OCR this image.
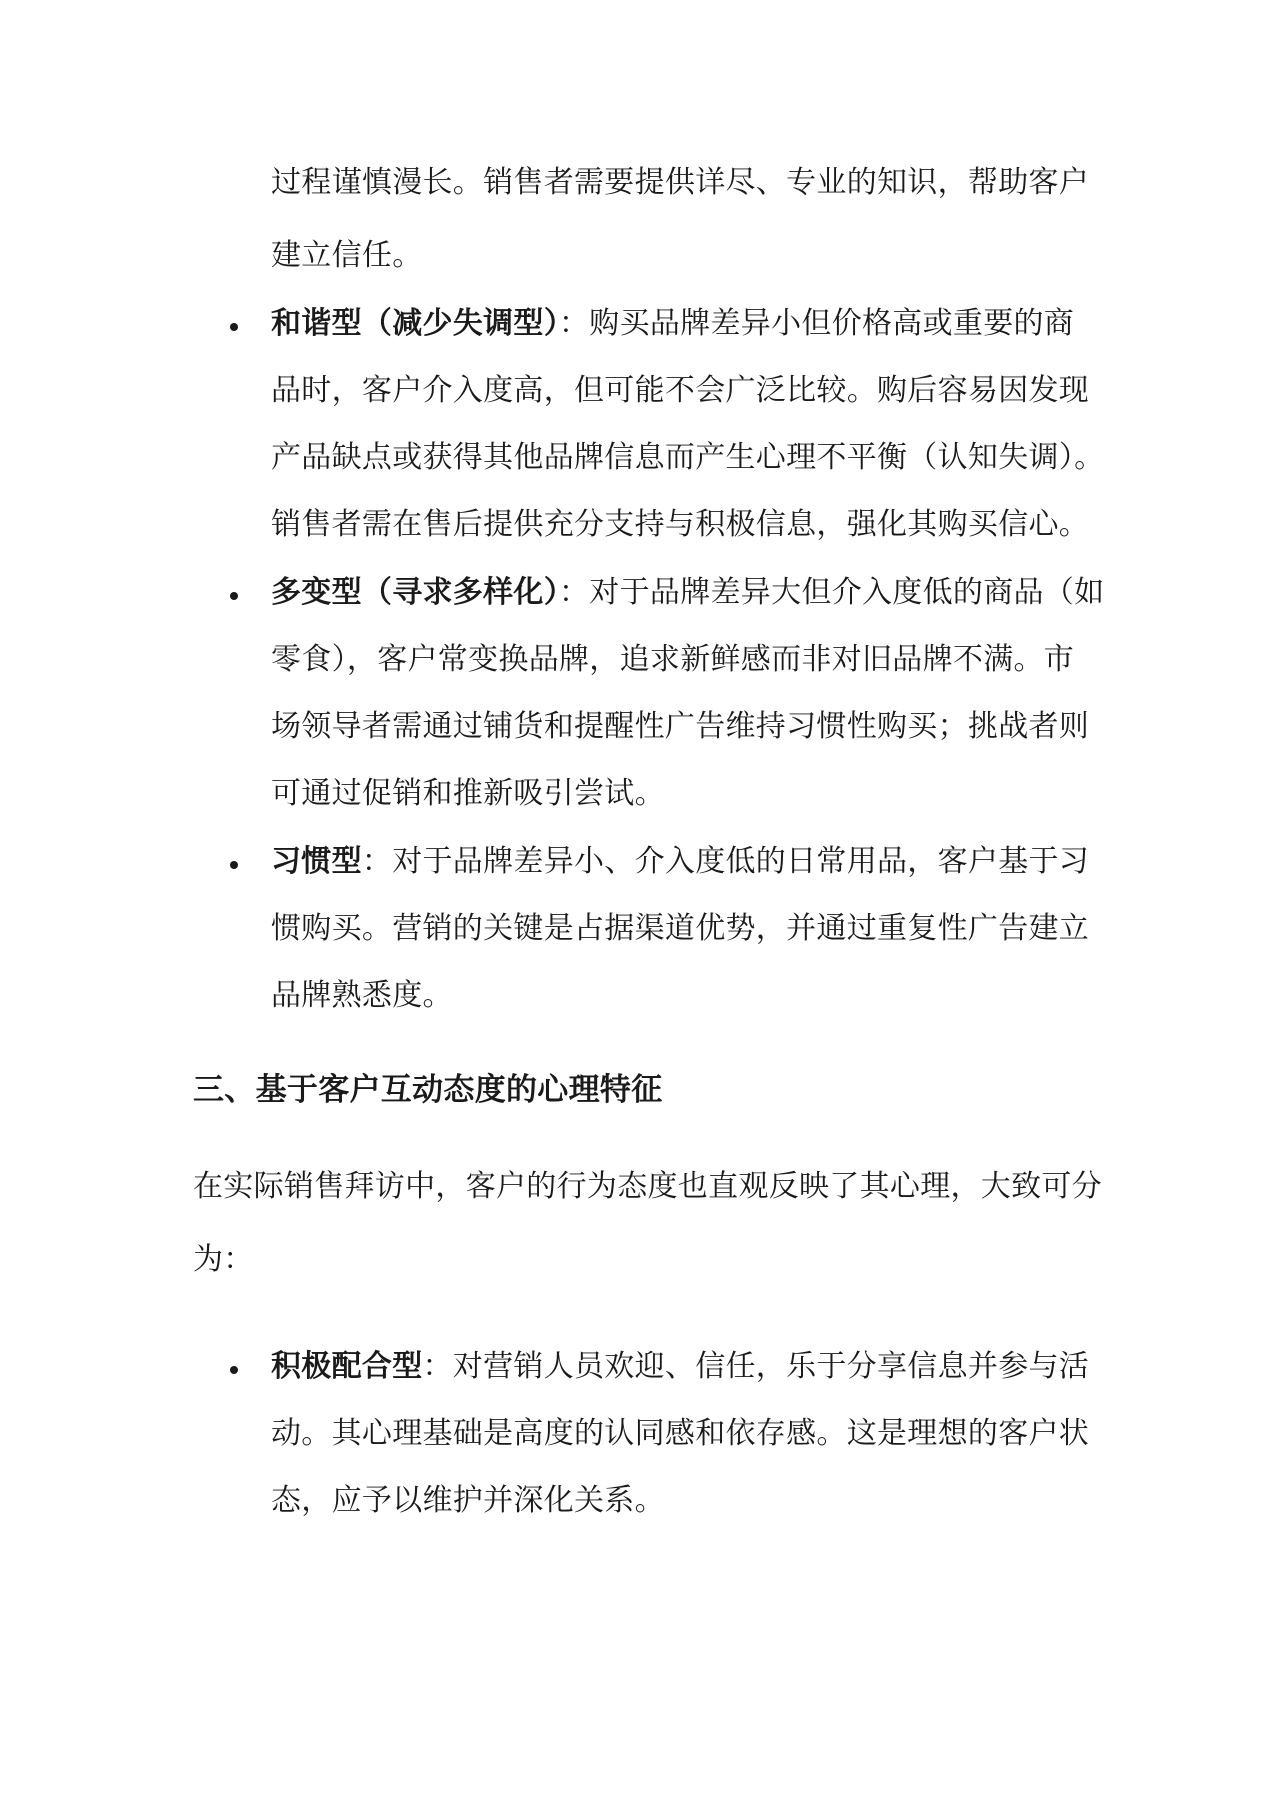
过程谨慎漫长。销售者需要提供详尽、专业的知识，帮助客户
建立信任。
和谐型（减少失调型）：购买品牌差异小但价格高或重要的商
品时，客户介入度高，但可能不会广泛比较。购后容易因发现
产品缺点或获得其他品牌信息而产生心理不平衡（认知失调）。
销售者需在售后提供充分支持与积极信息，强化其购买信心。
多变型（寻求多样化）：对于品牌差异大但介入度低的商品（如
零食），客户常变换品牌，追求新鲜感而非对旧品牌不满。市
场领导者需通过铺货和提醒性广告维持习惯性购买；挑战者则
可通过促销和推新吸引尝试。
习惯型：对于品牌差异小、介入度低的日常用品，客户基于习
惯购买。营销的关键是占据渠道优势，并通过重复性广告建立
品牌熟悉度。
三、基于客户互动态度的心理特征
在实际销售拜访中，客户的行为态度也直观反映了其心理，大致可分
为：
积极配合型：对营销人员欢迎、信任，乐于分享信息并参与活
动。其心理基础是高度的认同感和依存感。这是理想的客户状
态，应予以维护并深化关系。
